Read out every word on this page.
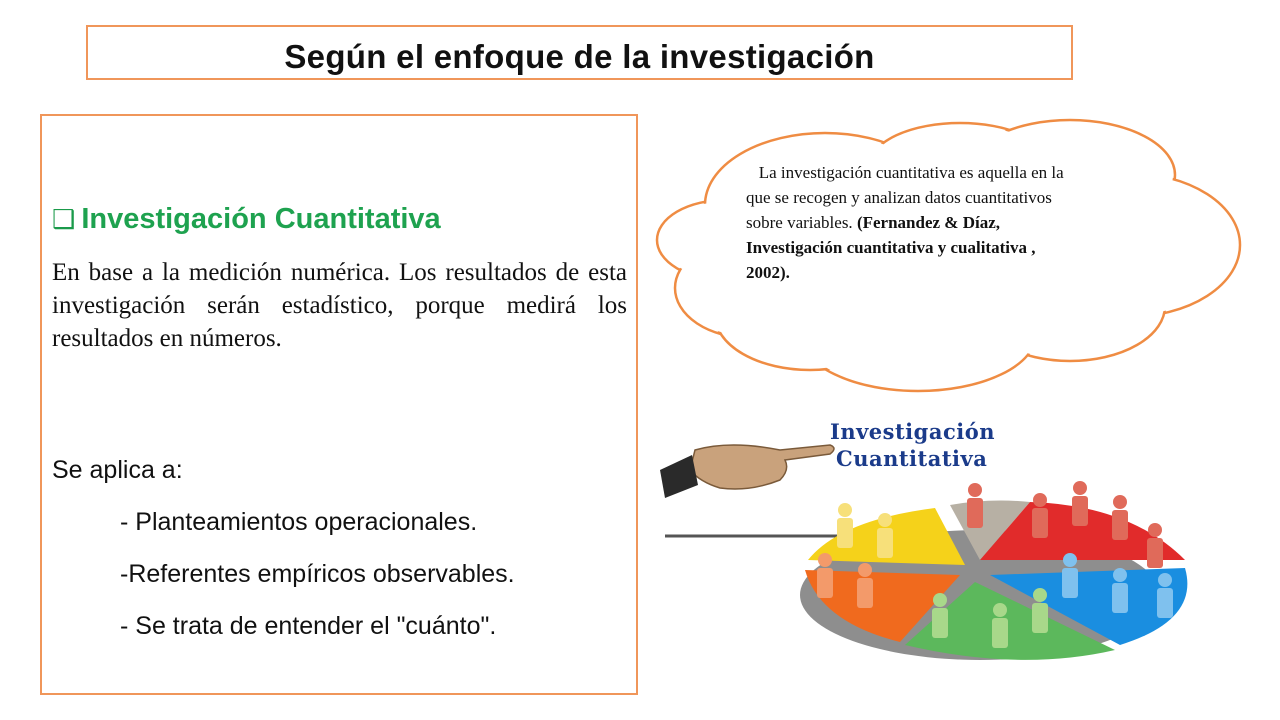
Según el enfoque de la investigación
❑ Investigación Cuantitativa
En base a la medición numérica. Los resultados de esta investigación serán estadístico, porque medirá los resultados en números.
Se aplica a:
- Planteamientos operacionales.
-Referentes empíricos observables.
- Se trata de entender el "cuánto".
La investigación cuantitativa es aquella en la que se recogen y analizan datos cuantitativos sobre variables. (Fernandez & Díaz, Investigación cuantitativa y cualitativa , 2002).
Investigación
Cuantitativa
